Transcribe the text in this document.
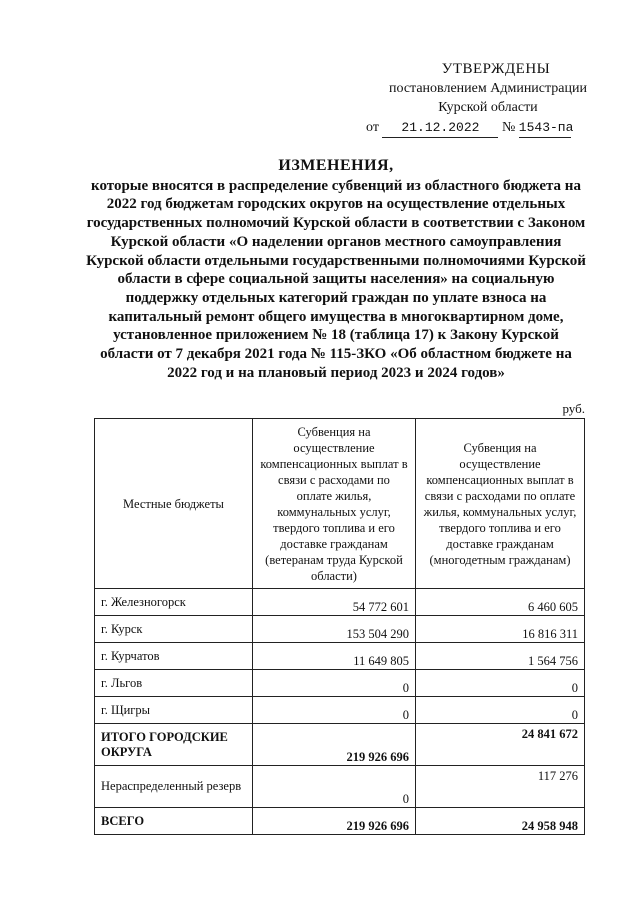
УТВЕРЖДЕНЫ
постановлением Администрации
Курской области
от 21.12.2022 № 1543-па
ИЗМЕНЕНИЯ,
которые вносятся в распределение субвенций из областного бюджета на 2022 год бюджетам городских округов на осуществление отдельных государственных полномочий Курской области в соответствии с Законом Курской области «О наделении органов местного самоуправления Курской области отдельными государственными полномочиями Курской области в сфере социальной защиты населения» на социальную поддержку отдельных категорий граждан по уплате взноса на капитальный ремонт общего имущества в многоквартирном доме, установленное приложением № 18 (таблица 17) к Закону Курской области от 7 декабря 2021 года № 115-ЗКО «Об областном бюджете на 2022 год и на плановый период 2023 и 2024 годов»
руб.
Местные бюджеты	Субвенция на осуществление компенсационных выплат в связи с расходами по оплате жилья, коммунальных услуг, твердого топлива и его доставке гражданам (ветеранам труда Курской области)	Субвенция на осуществление компенсационных выплат в связи с расходами по оплате жилья, коммунальных услуг, твердого топлива и его доставке гражданам (многодетным гражданам)
г. Железногорск	54 772 601	6 460 605
г. Курск	153 504 290	16 816 311
г. Курчатов	11 649 805	1 564 756
г. Льгов	0	0
г. Щигры	0	0
ИТОГО ГОРОДСКИЕ ОКРУГА	219 926 696	24 841 672
Нераспределенный резерв	0	117 276
ВСЕГО	219 926 696	24 958 948
